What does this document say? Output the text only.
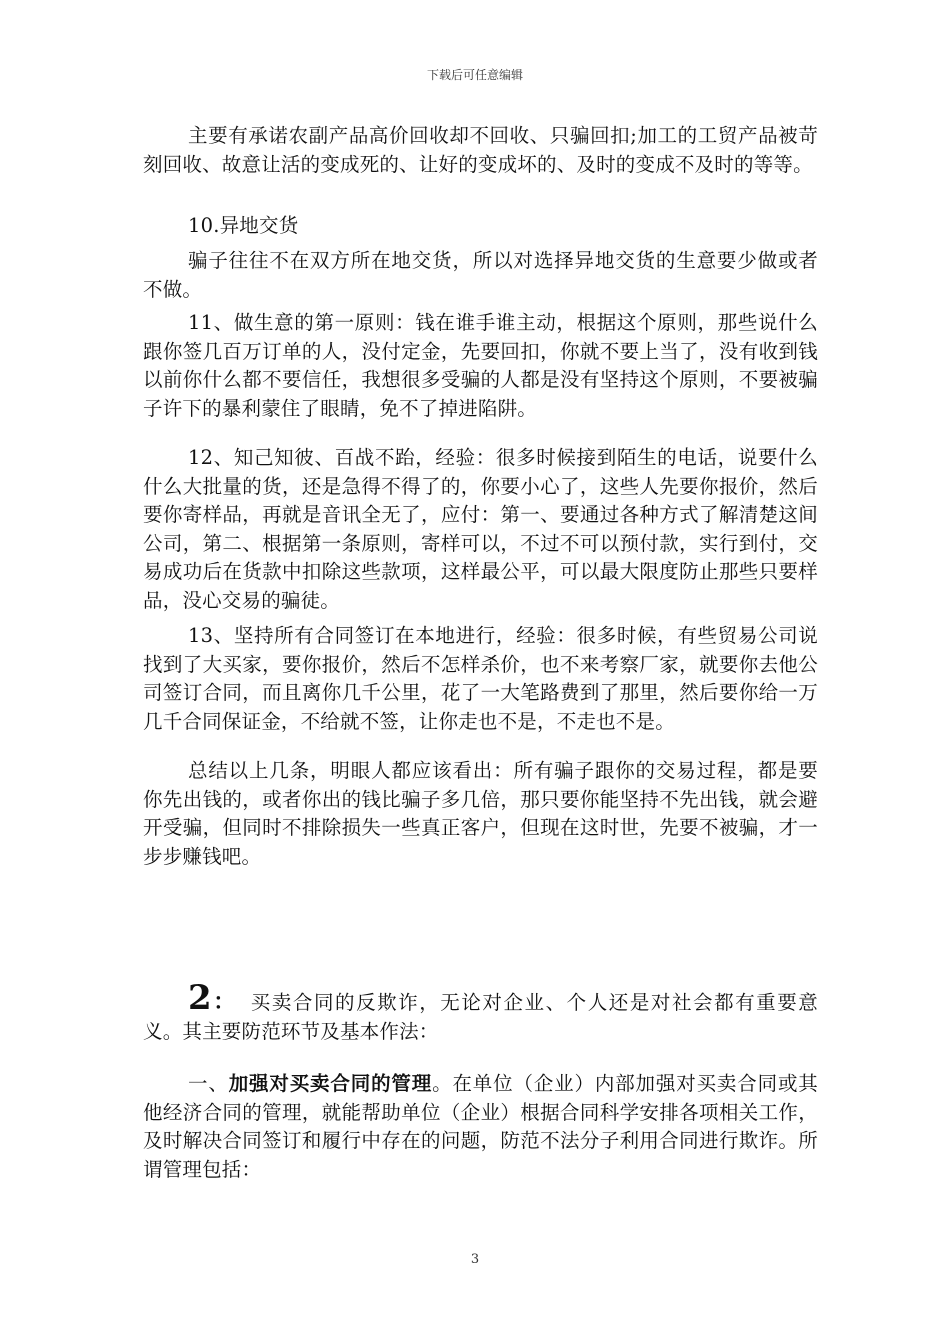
下载后可任意编辑

主要有承诺农副产品高价回收却不回收、只骗回扣;加工的工贸产品被苛刻回收、故意让活的变成死的、让好的变成坏的、及时的变成不及时的等等。

10.异地交货

骗子往往不在双方所在地交货，所以对选择异地交货的生意要少做或者不做。

11、做生意的第一原则：钱在谁手谁主动，根据这个原则，那些说什么跟你签几百万订单的人，没付定金，先要回扣，你就不要上当了，没有收到钱以前你什么都不要信任，我想很多受骗的人都是没有坚持这个原则，不要被骗子许下的暴利蒙住了眼睛，免不了掉进陷阱。

12、知己知彼、百战不跆，经验：很多时候接到陌生的电话，说要什么什么大批量的货，还是急得不得了的，你要小心了，这些人先要你报价，然后要你寄样品，再就是音讯全无了，应付：第一、要通过各种方式了解清楚这间公司，第二、根据第一条原则，寄样可以，不过不可以预付款，实行到付，交易成功后在货款中扣除这些款项，这样最公平，可以最大限度防止那些只要样品，没心交易的骗徒。

13、坚持所有合同签订在本地进行，经验：很多时候，有些贸易公司说找到了大买家，要你报价，然后不怎样杀价，也不来考察厂家，就要你去他公司签订合同，而且离你几千公里，花了一大笔路费到了那里，然后要你给一万几千合同保证金，不给就不签，让你走也不是，不走也不是。

总结以上几条，明眼人都应该看出：所有骗子跟你的交易过程，都是要你先出钱的，或者你出的钱比骗子多几倍，那只要你能坚持不先出钱，就会避开受骗，但同时不排除损失一些真正客户，但现在这时世，先要不被骗，才一步步赚钱吧。

2： 买卖合同的反欺诈，无论对企业、个人还是对社会都有重要意义。其主要防范环节及基本作法：

一、加强对买卖合同的管理。在单位（企业）内部加强对买卖合同或其他经济合同的管理，就能帮助单位（企业）根据合同科学安排各项相关工作，及时解决合同签订和履行中存在的问题，防范不法分子利用合同进行欺诈。所谓管理包括：

3
